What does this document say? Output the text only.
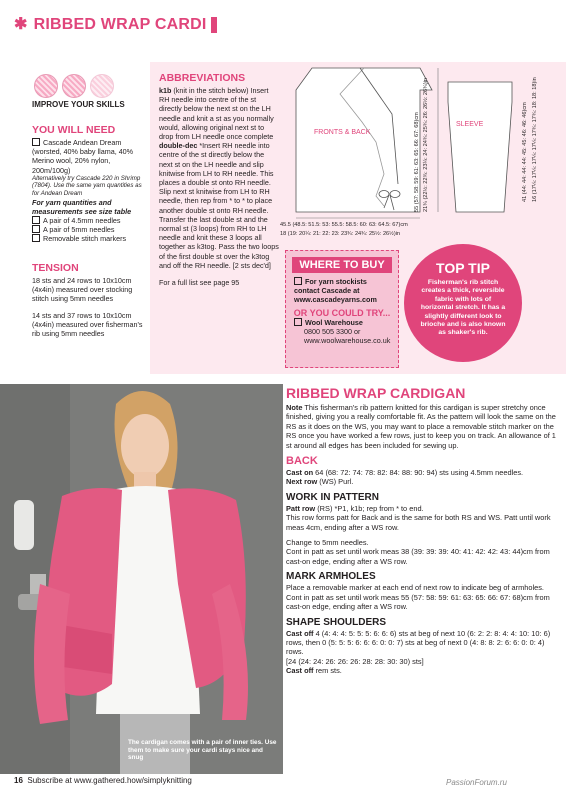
✱ RIBBED WRAP CARDI
IMPROVE YOUR SKILLS
YOU WILL NEED
Cascade Andean Dream (worsted, 40% baby llama, 40% Merino wool, 20% nylon, 200m/100g)
Alternatively try Cascade 220 in Shrimp (7804). Use the same yarn quantities as for Andean Dream
For yarn quantities and measurements see size table
A pair of 4.5mm needles
A pair of 5mm needles
Removable stitch markers
TENSION
18 sts and 24 rows to 10x10cm (4x4in) measured over stocking stitch using 5mm needles
14 sts and 37 rows to 10x10cm (4x4in) measured over fisherman's rib using 5mm needles
ABBREVIATIONS
k1b (knit in the stitch below) Insert RH needle into centre of the st directly below the next st on the LH needle and knit a st as you normally would, allowing original next st to drop from LH needle once complete
double-dec *Insert RH needle into centre of the st directly below the next st on the LH needle and slip knitwise from LH to RH needle. This places a double st onto RH needle. Slip next st knitwise from LH to RH needle, then rep from * to * to place another double st onto RH needle. Transfer the last double st and the normal st (3 loops) from RH to LH needle and knit these 3 loops all together as k3tog. Pass the two loops of the first double st over the k3tog and off the RH needle. [2 sts dec'd]
For a full list see page 95
FRONTS & BACK
45.5 (48.5: 51.5: 53: 55.5: 58.5: 60: 63: 64.5: 67)cm
18 (19: 20¼: 21: 22: 23: 23¾: 24¾: 25½: 26½)in
55 (57: 58: 59: 61: 63: 65: 66: 67: 68)cm 21¾ (22½: 22¾: 23¼: 24: 24¾: 25¾: 26: 26½: 26¾)in	SLEEVE	41 (44: 44: 44: 44: 45: 45: 46: 46: 46)cm 16 (17¼: 17¼: 17¼: 17¼: 17¾: 17¾: 18: 18: 18)in
WHERE TO BUY
For yarn stockists contact Cascade at www.cascadeyarns.com
OR YOU COULD TRY...
Wool Warehouse
0800 505 3300 or
www.woolwarehouse.co.uk
TOP TIP
Fisherman's rib stitch creates a thick, reversible fabric with lots of horizontal stretch. It has a slightly different look to brioche and is also known as shaker's rib.
The cardigan comes with a pair of inner ties. Use them to make sure your cardi stays nice and snug
RIBBED WRAP CARDIGAN

Note This fisherman's rib pattern knitted for this cardigan is super stretchy once finished, giving you a really comfortable fit. As the pattern will look the same on the RS as it does on the WS, you may want to place a removable stitch marker on the RS once you have worked a few rows, just to keep you on track. An allowance of 1 st around all edges has been included for sewing up.

BACK

Cast on 64 (68: 72: 74: 78: 82: 84: 88: 90: 94) sts using 4.5mm needles.

Next row (WS) Purl.

WORK IN PATTERN

Patt row (RS) *P1, k1b; rep from * to end.

This row forms patt for Back and is the same for both RS and WS. Patt until work meas 4cm, ending after a WS row.

Change to 5mm needles.

Cont in patt as set until work meas 38 (39: 39: 39: 40: 41: 42: 42: 43: 44)cm from cast-on edge, ending after a WS row.

MARK ARMHOLES

Place a removable marker at each end of next row to indicate beg of armholes.

Cont in patt as set until work meas 55 (57: 58: 59: 61: 63: 65: 66: 67: 68)cm from cast-on edge, ending after a WS row.

SHAPE SHOULDERS

Cast off 4 (4: 4: 4: 5: 5: 5: 6: 6: 6) sts at beg of next 10 (6: 2: 2: 8: 4: 4: 10: 10: 6) rows, then 0 (5: 5: 5: 6: 6: 6: 0: 0: 7) sts at beg of next 0 (4: 8: 8: 2: 6: 6: 0: 0: 4) rows.

[24 (24: 24: 26: 26: 26: 28: 28: 30: 30) sts]

Cast off rem sts.

16 Subscribe at www.gathered.how/simplyknitting	PassionForum.ru
